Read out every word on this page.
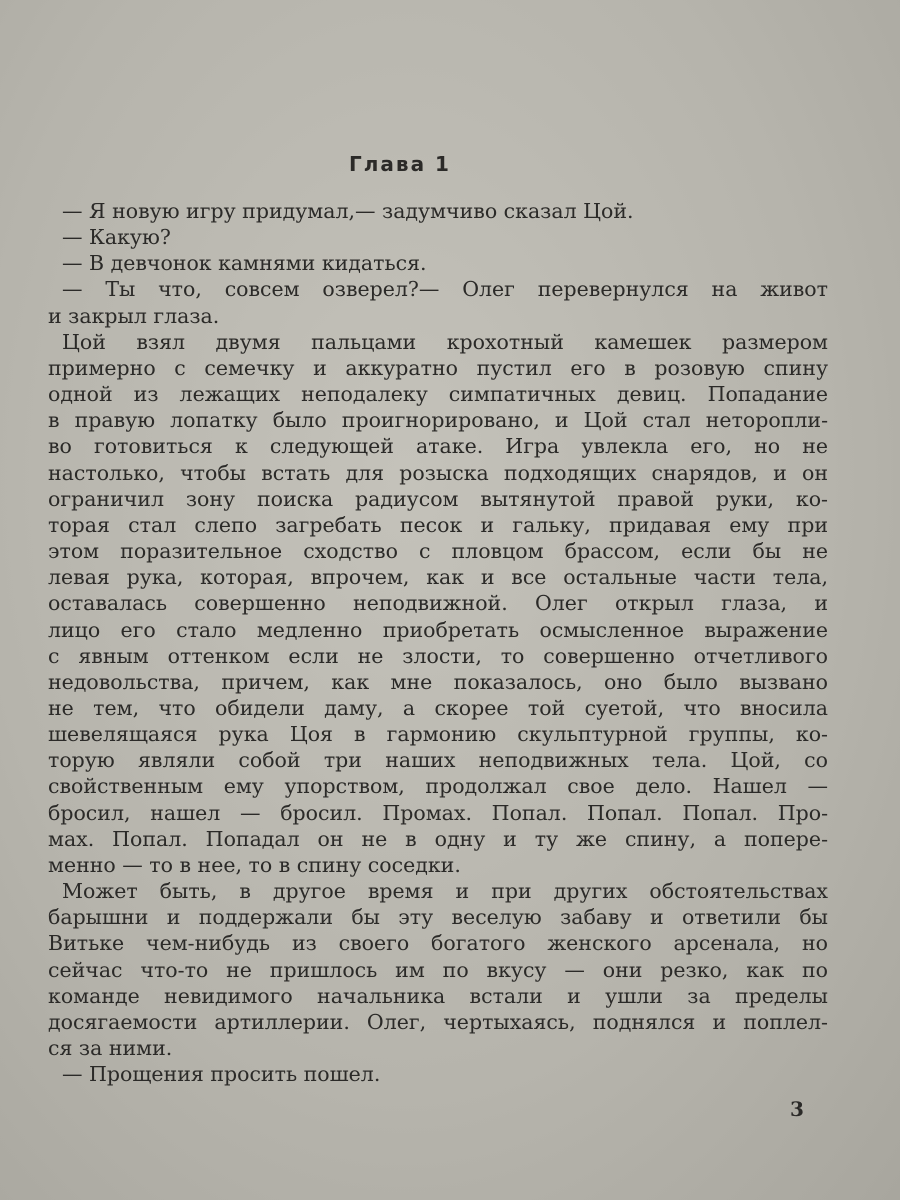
Глава 1
— Я новую игру придумал,— задумчиво сказал Цой.
— Какую?
— В девчонок камнями кидаться.
— Ты что, совсем озверел?— Олег перевернулся на живот
и закрыл глаза.
Цой взял двумя пальцами крохотный камешек размером
примерно с семечку и аккуратно пустил его в розовую спину
одной из лежащих неподалеку симпатичных девиц. Попадание
в правую лопатку было проигнорировано, и Цой стал неторопли-
во готовиться к следующей атаке. Игра увлекла его, но не
настолько, чтобы встать для розыска подходящих снарядов, и он
ограничил зону поиска радиусом вытянутой правой руки, ко-
торая стал слепо загребать песок и гальку, придавая ему при
этом поразительное сходство с пловцом брассом, если бы не
левая рука, которая, впрочем, как и все остальные части тела,
оставалась совершенно неподвижной. Олег открыл глаза, и
лицо его стало медленно приобретать осмысленное выражение
с явным оттенком если не злости, то совершенно отчетливого
недовольства, причем, как мне показалось, оно было вызвано
не тем, что обидели даму, а скорее той суетой, что вносила
шевелящаяся рука Цоя в гармонию скульптурной группы, ко-
торую являли собой три наших неподвижных тела. Цой, со
свойственным ему упорством, продолжал свое дело. Нашел —
бросил, нашел — бросил. Промах. Попал. Попал. Попал. Про-
мах. Попал. Попадал он не в одну и ту же спину, а попере-
менно — то в нее, то в спину соседки.
Может быть, в другое время и при других обстоятельствах
барышни и поддержали бы эту веселую забаву и ответили бы
Витьке чем-нибудь из своего богатого женского арсенала, но
сейчас что-то не пришлось им по вкусу — они резко, как по
команде невидимого начальника встали и ушли за пределы
досягаемости артиллерии. Олег, чертыхаясь, поднялся и поплел-
ся за ними.
— Прощения просить пошел.
3
